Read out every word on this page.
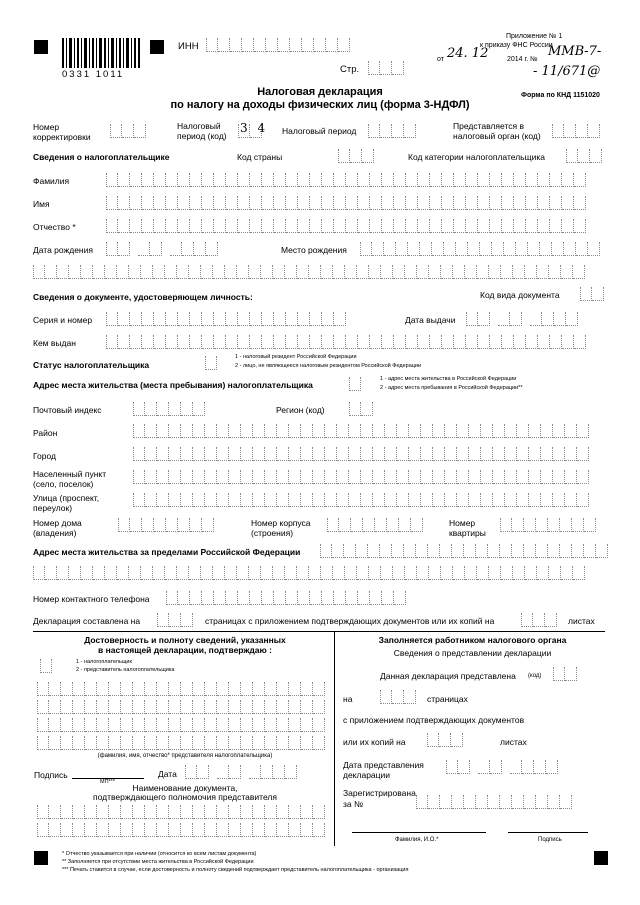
0331 1011
ИНН
Стр.
Приложение № 1
к приказу ФНС России
от 24. 12	2014 г. №
ММВ-7-
- 11/671@
Форма по КНД 1151020
Налоговая декларация
по налогу на доходы физических лиц (форма 3-НДФЛ)
Номер корректировки
Налоговый период (код)
3 4 Налоговый период	Представляется в налоговый орган (код)
Сведения о налогоплательщике	Код страны	Код категории налогоплательщика
Фамилия
Имя
Отчество *
Дата рождения	Место рождения
Сведения о документе, удостоверяющем личность:	Код вида документа
Серия и номер	Дата выдачи
Кем выдан
Статус налогоплательщика
1 - налоговый резидент Российской Федерации
2 - лицо, не являющееся налоговым резидентом Российской Федерации
Адрес места жительства (места пребывания) налогоплательщика
1 - адрес места жительства в Российской Федерации
2 - адрес места пребывания в Российской Федерации**
Почтовый индекс	Регион (код)
Район
Город
Населенный пункт (село, поселок)
Улица (проспект, переулок)
Номер дома (владения)
Номер корпуса (строения)
Номер квартиры
Адрес места жительства за пределами Российской Федерации
Номер контактного телефона
Декларация составлена на	страницах с приложением подтверждающих документов или их копий на	листах
Достоверность и полноту сведений, указанных
в настоящей декларации, подтверждаю :
1 - налогоплательщик
2 - представитель налогоплательщика
(фамилия, имя, отчество* представителя налогоплательщика)
Подпись	Дата
МП***
Наименование документа,
подтверждающего полномочия представителя
Заполняется работником налогового органа
Сведения о представлении декларации
Данная декларация представлена (код)
на	страницах
с приложением подтверждающих документов
или их копий на	листах
Дата представления
декларации
Зарегистрирована
за №
Фамилия, И.О.*	Подпись
* Отчество указывается при наличии (относится ко всем листам документа)
** Заполняется при отсутствии места жительства в Российской Федерации
*** Печать ставится в случае, если достоверность и полноту сведений подтверждает представитель налогоплательщика - организация
